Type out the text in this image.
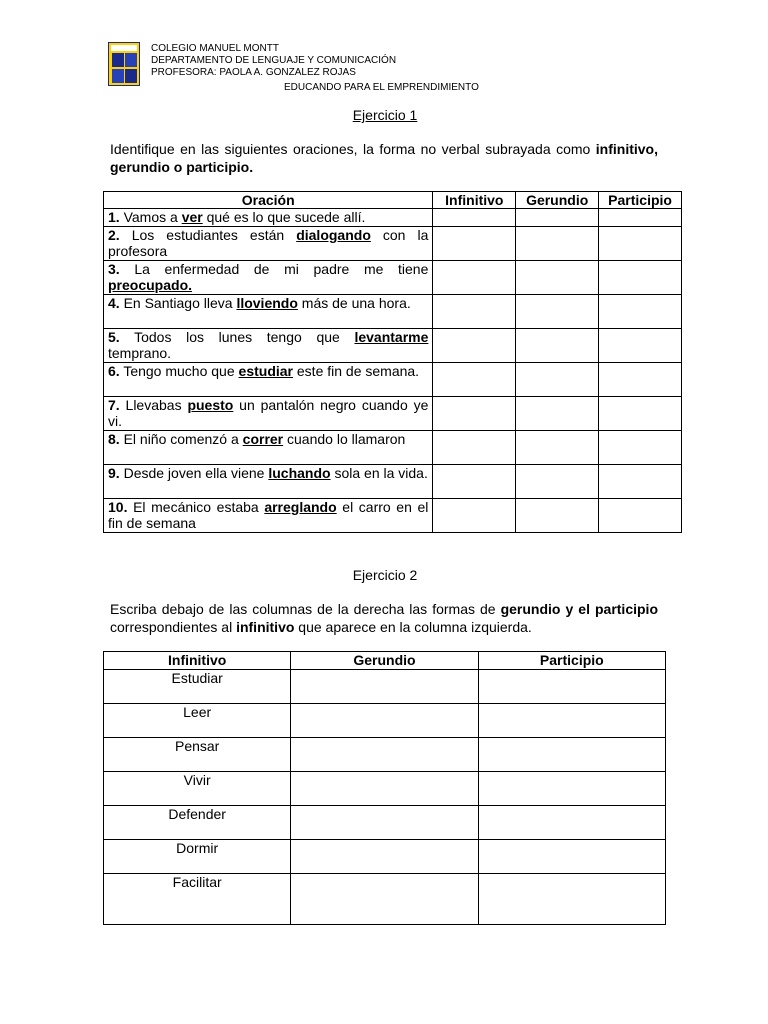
COLEGIO MANUEL MONTT
DEPARTAMENTO DE LENGUAJE Y COMUNICACIÓN
PROFESORA: PAOLA A. GONZALEZ ROJAS
EDUCANDO PARA EL EMPRENDIMIENTO
Ejercicio 1
Identifique en las siguientes oraciones, la forma no verbal subrayada como infinitivo, gerundio o participio.
Oración	Infinitivo	Gerundio	Participio
1. Vamos a ver qué es lo que sucede allí.			
2. Los estudiantes están dialogando con la profesora			
3. La enfermedad de mi padre me tiene preocupado.			
4. En Santiago lleva lloviendo más de una hora.			
5. Todos los lunes tengo que levantarme temprano.			
6. Tengo mucho que estudiar este fin de semana.			
7. Llevabas puesto un pantalón negro cuando ye vi.			
8. El niño comenzó a correr cuando lo llamaron			
9. Desde joven ella viene luchando sola en la vida.			
10. El mecánico estaba arreglando el carro en el fin de semana			
Ejercicio 2
Escriba debajo de las columnas de la derecha las formas de gerundio y el participio correspondientes al infinitivo que aparece en la columna izquierda.
Infinitivo	Gerundio	Participio
Estudiar		
Leer		
Pensar		
Vivir		
Defender		
Dormir		
Facilitar		
